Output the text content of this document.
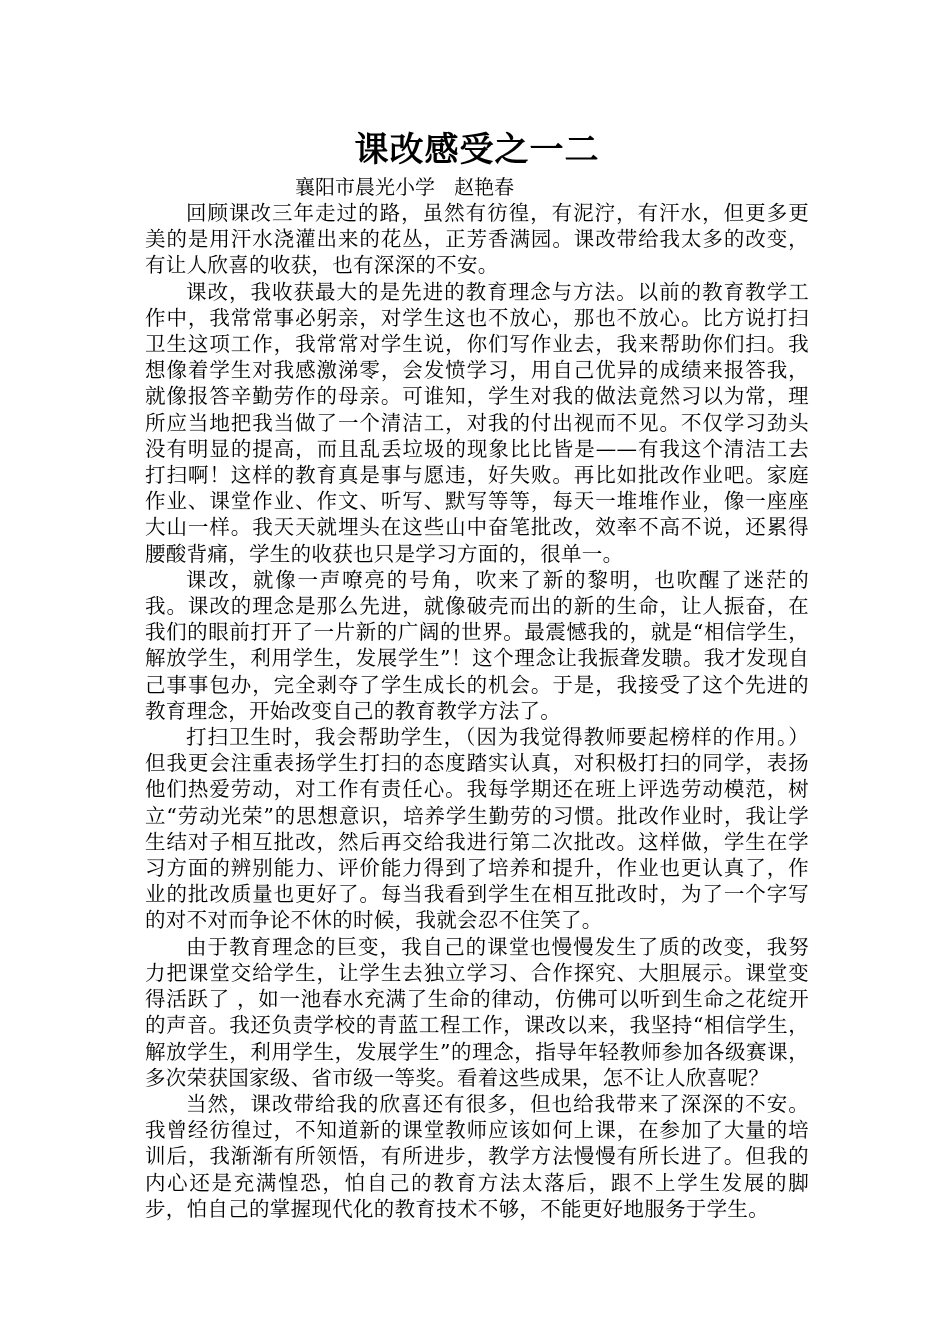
课改感受之一二

襄阳市晨光小学   赵艳春

回顾课改三年走过的路，虽然有彷徨，有泥泞，有汗水，但更多更美的是用汗水浇灌出来的花丛，正芳香满园。课改带给我太多的改变，有让人欣喜的收获，也有深深的不安。

课改，我收获最大的是先进的教育理念与方法。以前的教育教学工作中，我常常事必躬亲，对学生这也不放心，那也不放心。比方说打扫卫生这项工作，我常常对学生说，你们写作业去，我来帮助你们扫。我想像着学生对我感激涕零，会发愤学习，用自己优异的成绩来报答我，就像报答辛勤劳作的母亲。可谁知，学生对我的做法竟然习以为常，理所应当地把我当做了一个清洁工，对我的付出视而不见。不仅学习劲头没有明显的提高，而且乱丢垃圾的现象比比皆是——有我这个清洁工去打扫啊！这样的教育真是事与愿违，好失败。再比如批改作业吧。家庭作业、课堂作业、作文、听写、默写等等，每天一堆堆作业，像一座座大山一样。我天天就埋头在这些山中奋笔批改，效率不高不说，还累得腰酸背痛，学生的收获也只是学习方面的，很单一。

课改，就像一声嘹亮的号角，吹来了新的黎明，也吹醒了迷茫的我。课改的理念是那么先进，就像破壳而出的新的生命，让人振奋，在我们的眼前打开了一片新的广阔的世界。最震憾我的，就是“相信学生，解放学生，利用学生，发展学生”！这个理念让我振聋发聩。我才发现自己事事包办，完全剥夺了学生成长的机会。于是，我接受了这个先进的教育理念，开始改变自己的教育教学方法了。

打扫卫生时，我会帮助学生，（因为我觉得教师要起榜样的作用。）但我更会注重表扬学生打扫的态度踏实认真，对积极打扫的同学，表扬他们热爱劳动，对工作有责任心。我每学期还在班上评选劳动模范，树立“劳动光荣”的思想意识，培养学生勤劳的习惯。批改作业时，我让学生结对子相互批改，然后再交给我进行第二次批改。这样做，学生在学习方面的辨别能力、评价能力得到了培养和提升，作业也更认真了，作业的批改质量也更好了。每当我看到学生在相互批改时，为了一个字写的对不对而争论不休的时候，我就会忍不住笑了。

由于教育理念的巨变，我自己的课堂也慢慢发生了质的改变，我努力把课堂交给学生，让学生去独立学习、合作探究、大胆展示。课堂变得活跃了 ，如一池春水充满了生命的律动，仿佛可以听到生命之花绽开的声音。我还负责学校的青蓝工程工作，课改以来，我坚持“相信学生，解放学生，利用学生，发展学生”的理念，指导年轻教师参加各级赛课，多次荣获国家级、省市级一等奖。看着这些成果，怎不让人欣喜呢？

当然，课改带给我的欣喜还有很多，但也给我带来了深深的不安。我曾经彷徨过，不知道新的课堂教师应该如何上课，在参加了大量的培训后，我渐渐有所领悟，有所进步，教学方法慢慢有所长进了。但我的内心还是充满惶恐，怕自己的教育方法太落后，跟不上学生发展的脚步，怕自己的掌握现代化的教育技术不够，不能更好地服务于学生。
